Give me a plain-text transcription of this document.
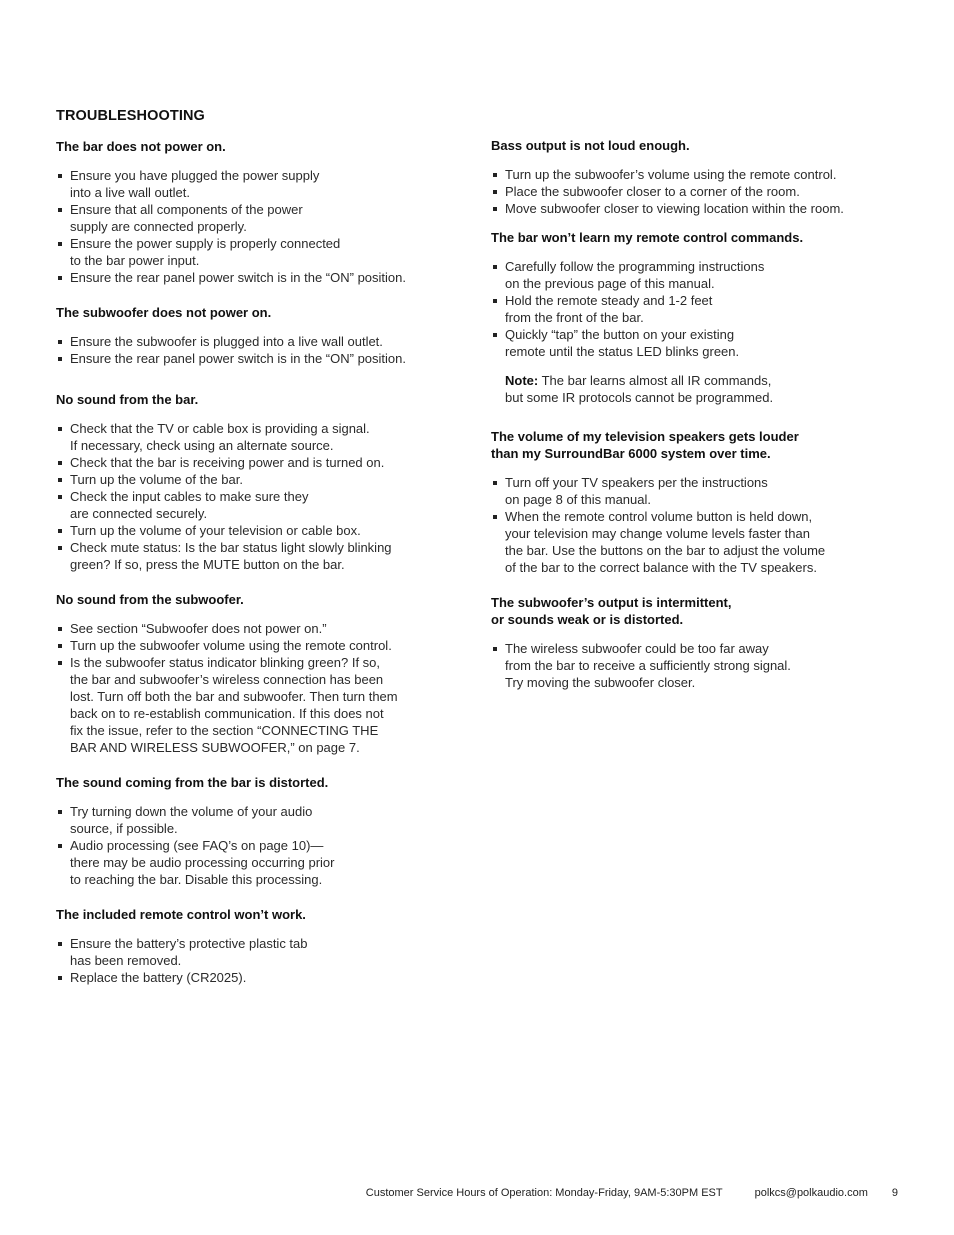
TROUBLESHOOTING
The bar does not power on.
Ensure you have plugged the power supply
into a live wall outlet.
Ensure that all components of the power
supply are connected properly.
Ensure the power supply is properly connected
to the bar power input.
Ensure the rear panel power switch is in the “ON” position.
The subwoofer does not power on.
Ensure the subwoofer is plugged into a live wall outlet.
Ensure the rear panel power switch is in the “ON” position.
No sound from the bar.
Check that the TV or cable box is providing a signal.
If necessary, check using an alternate source.
Check that the bar is receiving power and is turned on.
Turn up the volume of the bar.
Check the input cables to make sure they
are connected securely.
Turn up the volume of your television or cable box.
Check mute status: Is the bar status light slowly blinking
green? If so, press the MUTE button on the bar.
No sound from the subwoofer.
See section “Subwoofer does not power on.”
Turn up the subwoofer volume using the remote control.
Is the subwoofer status indicator blinking green? If so,
the bar and subwoofer’s wireless connection has been
lost. Turn off both the bar and subwoofer. Then turn them
back on to re-establish communication. If this does not
fix the issue, refer to the section “CONNECTING THE
BAR AND WIRELESS SUBWOOFER,” on page 7.
The sound coming from the bar is distorted.
Try turning down the volume of your audio
source, if possible.
Audio processing (see FAQ’s on page 10)—
there may be audio processing occurring prior
to reaching the bar. Disable this processing.
The included remote control won’t work.
Ensure the battery’s protective plastic tab
has been removed.
Replace the battery (CR2025).
Bass output is not loud enough.
Turn up the subwoofer’s volume using the remote control.
Place the subwoofer closer to a corner of the room.
Move subwoofer closer to viewing location within the room.
The bar won’t learn my remote control commands.
Carefully follow the programming instructions
on the previous page of this manual.
Hold the remote steady and 1-2 feet
from the front of the bar.
Quickly “tap” the button on your existing
remote until the status LED blinks green.
Note: The bar learns almost all IR commands,
but some IR protocols cannot be programmed.
The volume of my television speakers gets louder
than my SurroundBar 6000 system over time.
Turn off your TV speakers per the instructions
on page 8 of this manual.
When the remote control volume button is held down,
your television may change volume levels faster than
the bar. Use the buttons on the bar to adjust the volume
of the bar to the correct balance with the TV speakers.
The subwoofer’s output is intermittent,
or sounds weak or is distorted.
The wireless subwoofer could be too far away
from the bar to receive a sufficiently strong signal.
Try moving the subwoofer closer.
Customer Service Hours of Operation: Monday-Friday, 9AM-5:30PM EST	polkcs@polkaudio.com 9
